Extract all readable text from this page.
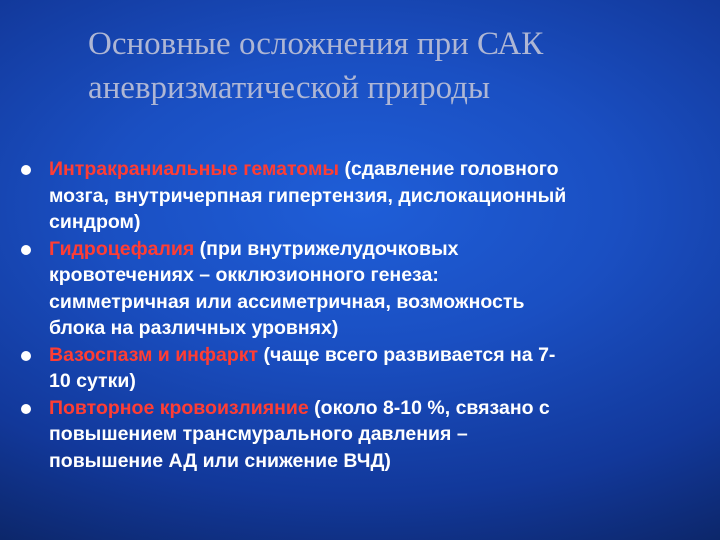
Основные осложнения при САК
аневризматической природы
Интракраниальные гематомы (сдавление головного
мозга, внутричерпная гипертензия, дислокационный
синдром)
Гидроцефалия (при внутрижелудочковых
кровотечениях – окклюзионного генеза:
симметричная или ассиметричная, возможность
блока на различных уровнях)
Вазоспазм и инфаркт (чаще всего развивается на 7-
10 сутки)
Повторное кровоизлияние (около 8-10 %, связано с
повышением трансмурального давления –
повышение АД или снижение ВЧД)
